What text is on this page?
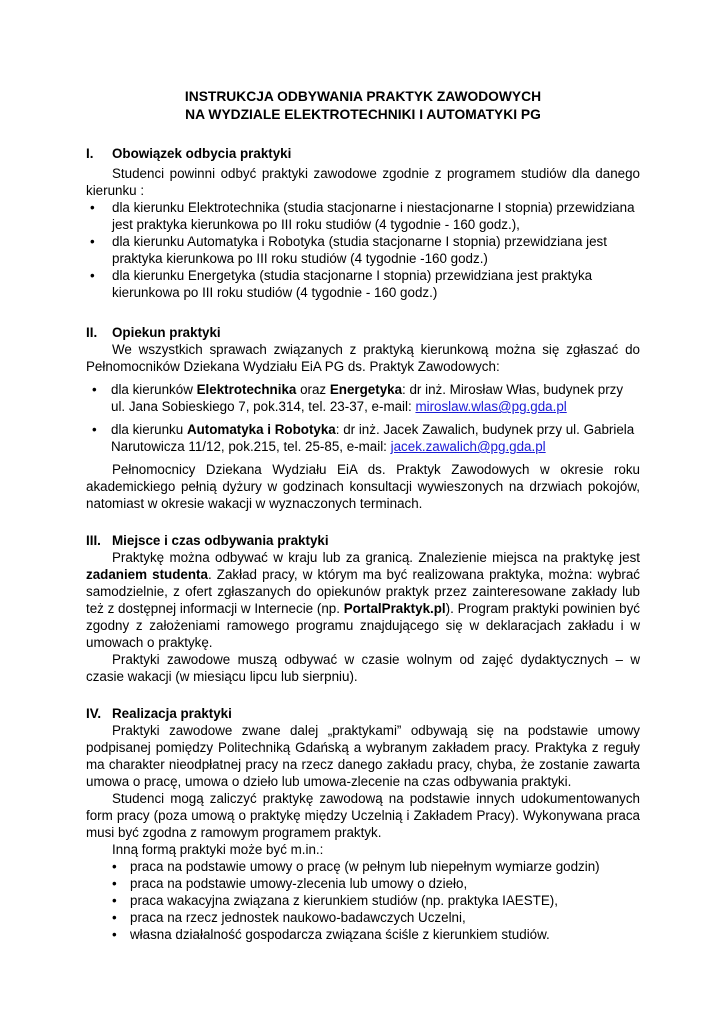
INSTRUKCJA ODBYWANIA PRAKTYK ZAWODOWYCH
NA WYDZIALE ELEKTROTECHNIKI I AUTOMATYKI PG
I.	Obowiązek odbycia praktyki

Studenci powinni odbyć praktyki zawodowe zgodnie z programem studiów dla danego kierunku :

• dla kierunku Elektrotechnika (studia stacjonarne i niestacjonarne I stopnia) przewidziana jest praktyka kierunkowa po III roku studiów (4 tygodnie - 160 godz.),
• dla kierunku Automatyka i Robotyka (studia stacjonarne I stopnia) przewidziana jest praktyka kierunkowa po III roku studiów (4 tygodnie -160 godz.)
• dla kierunku Energetyka (studia stacjonarne I stopnia) przewidziana jest praktyka kierunkowa po III roku studiów (4 tygodnie - 160 godz.)
II.	Opiekun praktyki

We wszystkich sprawach związanych z praktyką kierunkową można się zgłaszać do Pełnomocników Dziekana Wydziału EiA PG ds. Praktyk Zawodowych:

• dla kierunków Elektrotechnika oraz Energetyka: dr inż. Mirosław Włas, budynek przy ul. Jana Sobieskiego 7, pok.314, tel. 23-37, e-mail: miroslaw.wlas@pg.gda.pl
• dla kierunku Automatyka i Robotyka: dr inż. Jacek Zawalich, budynek przy ul. Gabriela Narutowicza 11/12, pok.215, tel. 25-85, e-mail: jacek.zawalich@pg.gda.pl

Pełnomocnicy Dziekana Wydziału EiA ds. Praktyk Zawodowych w okresie roku akademickiego pełnią dyżury w godzinach konsultacji wywieszonych na drzwiach pokojów, natomiast w okresie wakacji w wyznaczonych terminach.

III. Miejsce i czas odbywania praktyki

Praktykę można odbywać w kraju lub za granicą. Znalezienie miejsca na praktykę jest zadaniem studenta. Zakład pracy, w którym ma być realizowana praktyka, można: wybrać samodzielnie, z ofert zgłaszanych do opiekunów praktyk przez zainteresowane zakłady lub też z dostępnej informacji w Internecie (np. PortalPraktyk.pl). Program praktyki powinien być zgodny z założeniami ramowego programu znajdującego się w deklaracjach zakładu i w umowach o praktykę.

Praktyki zawodowe muszą odbywać w czasie wolnym od zajęć dydaktycznych – w czasie wakacji (w miesiącu lipcu lub sierpniu).

IV. Realizacja praktyki

Praktyki zawodowe zwane dalej „praktykami” odbywają się na podstawie umowy podpisanej pomiędzy Politechniką Gdańską a wybranym zakładem pracy. Praktyka z reguły ma charakter nieodpłatnej pracy na rzecz danego zakładu pracy, chyba, że zostanie zawarta umowa o pracę, umowa o dzieło lub umowa-zlecenie na czas odbywania praktyki.

Studenci mogą zaliczyć praktykę zawodową na podstawie innych udokumentowanych form pracy (poza umową o praktykę między Uczelnią i Zakładem Pracy). Wykonywana praca musi być zgodna z ramowym programem praktyk.

Inną formą praktyki może być m.in.:

• praca na podstawie umowy o pracę (w pełnym lub niepełnym wymiarze godzin)
• praca na podstawie umowy-zlecenia lub umowy o dzieło,
• praca wakacyjna związana z kierunkiem studiów (np. praktyka IAESTE),
• praca na rzecz jednostek naukowo-badawczych Uczelni,
• własna działalność gospodarcza związana ściśle z kierunkiem studiów.
